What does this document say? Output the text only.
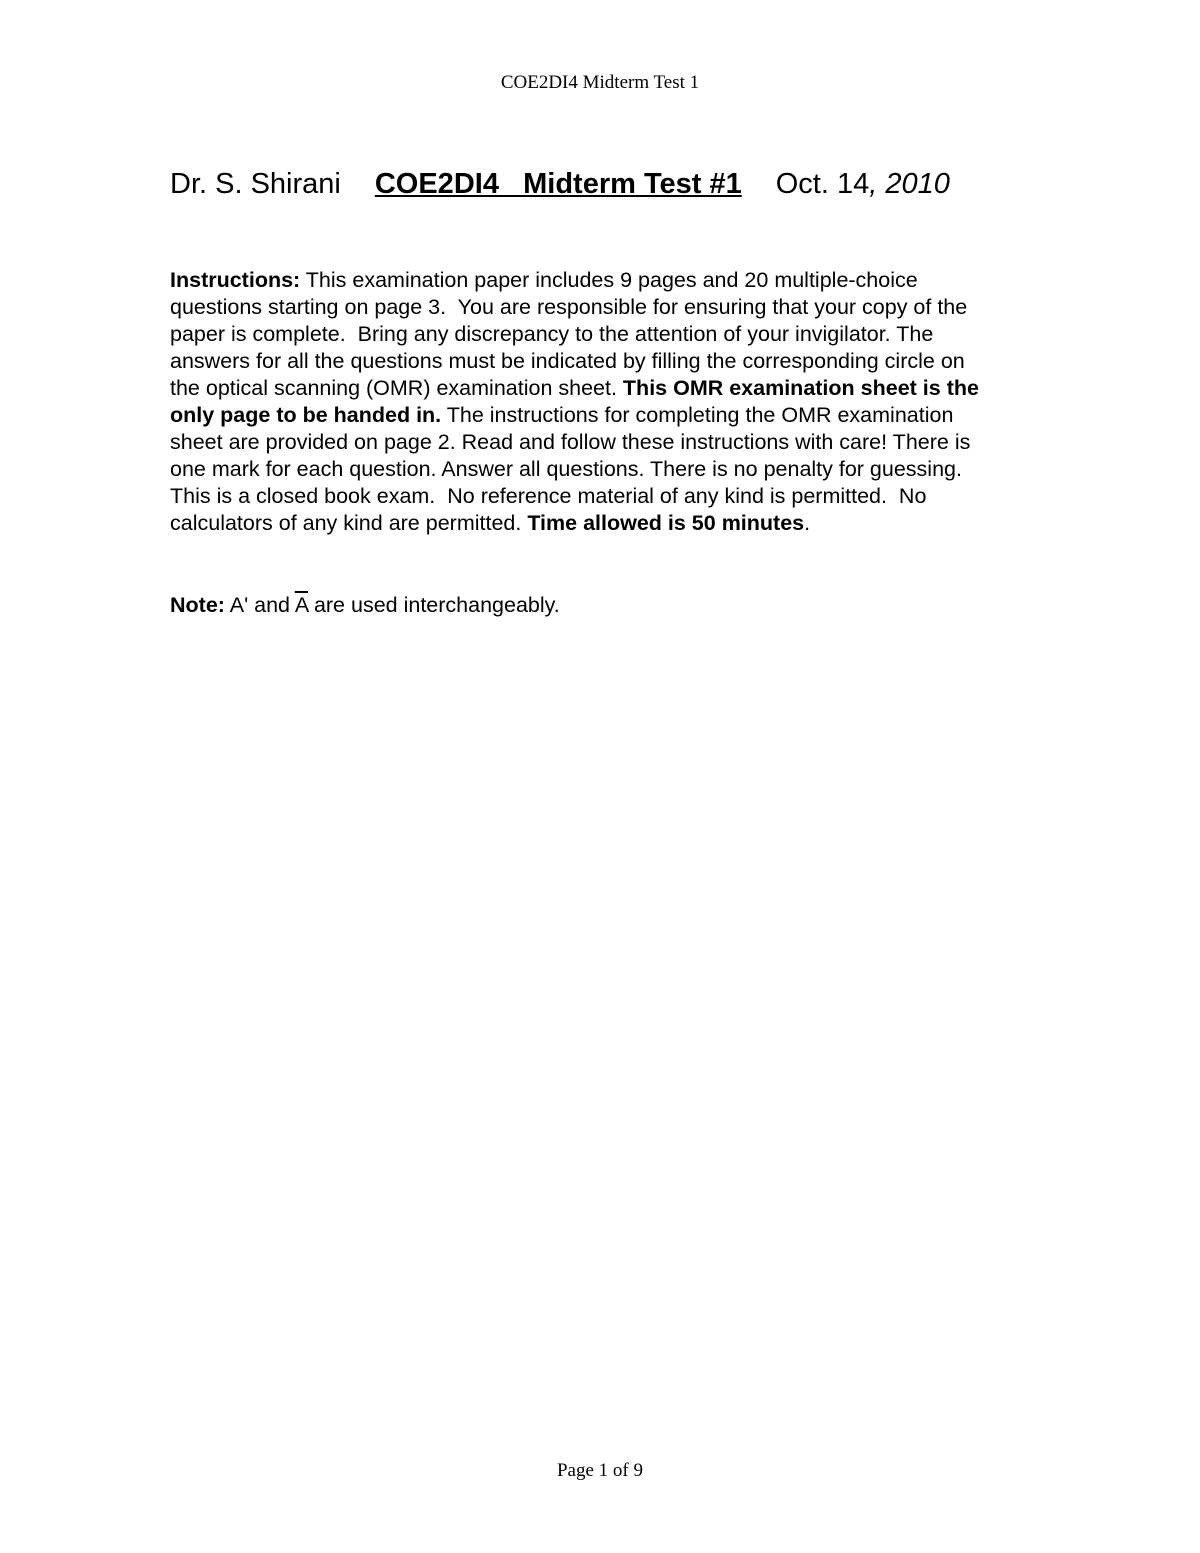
COE2DI4 Midterm Test 1
Dr. S. Shirani COE2DI4   Midterm Test #1 Oct. 14, 2010
Instructions: This examination paper includes 9 pages and 20 multiple-choice
questions starting on page 3.  You are responsible for ensuring that your copy of the
paper is complete.  Bring any discrepancy to the attention of your invigilator. The
answers for all the questions must be indicated by filling the corresponding circle on
the optical scanning (OMR) examination sheet. This OMR examination sheet is the
only page to be handed in. The instructions for completing the OMR examination
sheet are provided on page 2. Read and follow these instructions with care! There is
one mark for each question. Answer all questions. There is no penalty for guessing.
This is a closed book exam.  No reference material of any kind is permitted.  No
calculators of any kind are permitted. Time allowed is 50 minutes.
Note: A' and $\overline{A}$ are used interchangeably.
Page 1 of 9
